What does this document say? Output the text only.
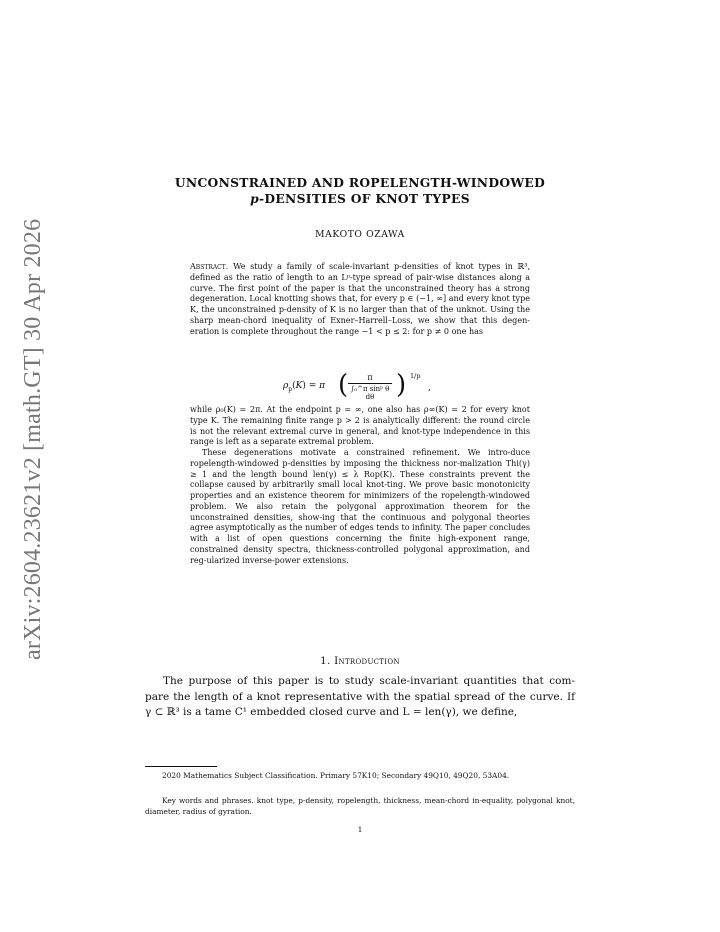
arXiv:2604.23621v2 [math.GT] 30 Apr 2026
UNCONSTRAINED AND ROPELENGTH-WINDOWED
p-DENSITIES OF KNOT TYPES
MAKOTO OZAWA

Abstract. We study a family of scale-invariant p-densities of knot types in ℝ³, defined as the ratio of length to an Lᵖ-type spread of pair-wise distances along a curve. The first point of the paper is that the unconstrained theory has a strong degeneration. Local knotting shows that, for every p ∈ (−1, ∞] and every knot type K, the unconstrained p-density of K is no larger than that of the unknot. Using the sharp mean-chord inequality of Exner–Harrell–Loss, we show that this degen-eration is complete throughout the range −1 < p ≤ 2: for p ≠ 0 one has

$\rho_p(K) = \pi$ ( $\frac{\pi}{\text{∫₀\textasciicircum{}π sinᵖ θ dθ}}$ ) 1/p
,

while ρ₀(K) = 2π. At the endpoint p = ∞, one also has ρ∞(K) = 2 for every knot type K. The remaining finite range p > 2 is analytically different: the round circle is not the relevant extremal curve in general, and knot-type independence in this range is left as a separate extremal problem.

These degenerations motivate a constrained refinement. We intro-duce ropelength-windowed p-densities by imposing the thickness nor-malization Thi(γ) ≥ 1 and the length bound len(γ) ≤ λ Rop(K). These constraints prevent the collapse caused by arbitrarily small local knot-ting. We prove basic monotonicity properties and an existence theorem for minimizers of the ropelength-windowed problem. We also retain the polygonal approximation theorem for the unconstrained densities, show-ing that the continuous and polygonal theories agree asymptotically as the number of edges tends to infinity. The paper concludes with a list of open questions concerning the finite high-exponent range, constrained density spectra, thickness-controlled polygonal approximation, and reg-ularized inverse-power extensions.

1. Introduction

The purpose of this paper is to study scale-invariant quantities that com-pare the length of a knot representative with the spatial spread of the curve. If γ ⊂ ℝ³ is a tame C¹ embedded closed curve and L = len(γ), we define,

2020 Mathematics Subject Classification. Primary 57K10; Secondary 49Q10, 49Q20, 53A04.

Key words and phrases. knot type, p-density, ropelength, thickness, mean-chord in-equality, polygonal knot, diameter, radius of gyration.

1
